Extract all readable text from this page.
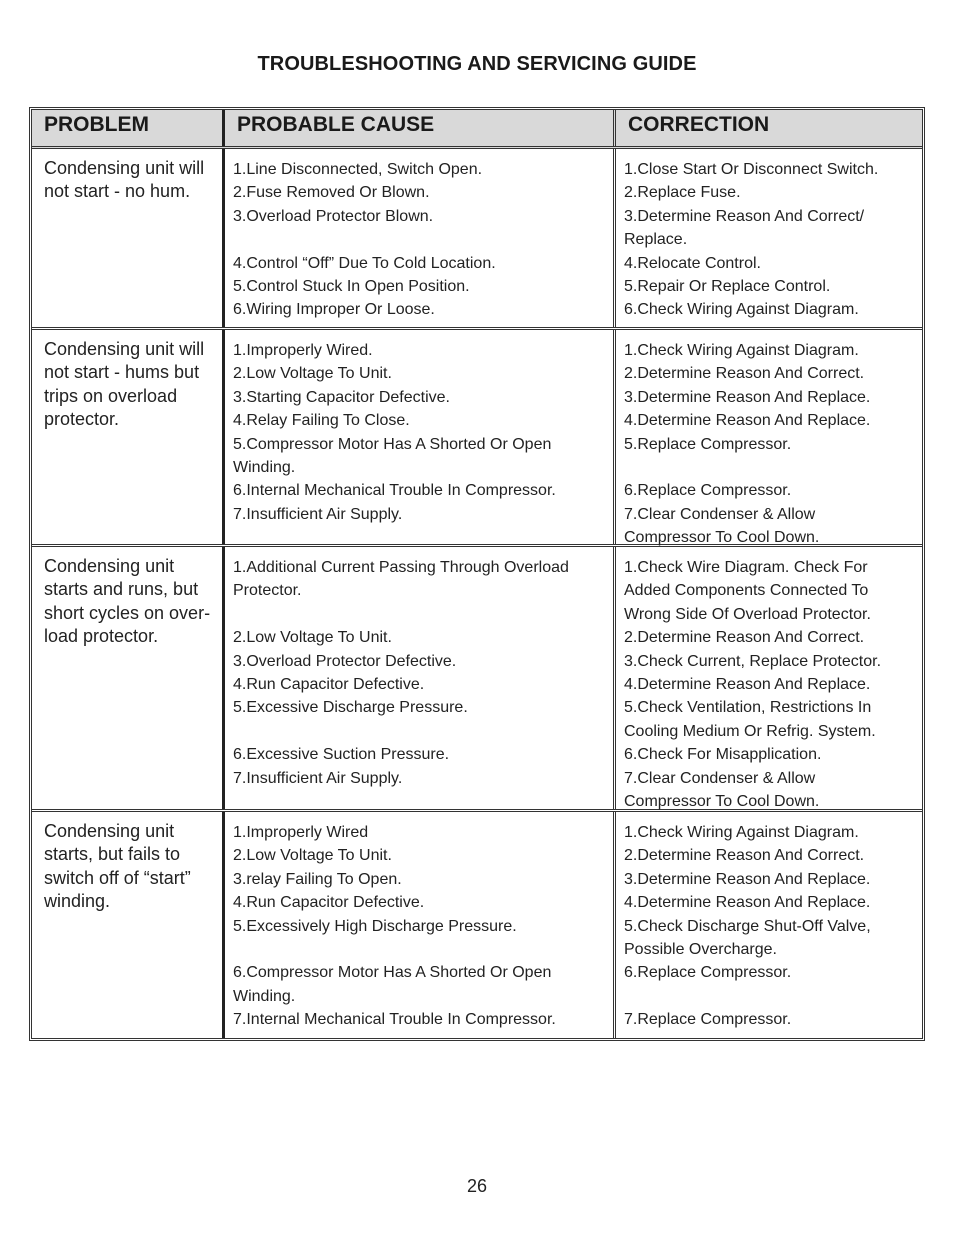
TROUBLESHOOTING AND SERVICING GUIDE
PROBLEM	PROBABLE CAUSE	CORRECTION
Condensing unit will not start - no hum.
1.Line Disconnected, Switch Open.
2.Fuse Removed Or Blown.
3.Overload Protector Blown.
4.Control “Off” Due To Cold Location.
5.Control Stuck In Open Position.
6.Wiring Improper Or Loose.
1.Close Start Or Disconnect Switch.
2.Replace Fuse.
3.Determine Reason And Correct/
Replace.
4.Relocate Control.
5.Repair Or Replace Control.
6.Check Wiring Against Diagram.
Condensing unit will not start - hums but trips on overload protector.
1.Improperly Wired.
2.Low Voltage To Unit.
3.Starting Capacitor Defective.
4.Relay Failing To Close.
5.Compressor Motor Has A Shorted Or Open
Winding.
6.Internal Mechanical Trouble In Compressor.
7.Insufficient Air Supply.
1.Check Wiring Against Diagram.
2.Determine Reason And Correct.
3.Determine Reason And Replace.
4.Determine Reason And Replace.
5.Replace Compressor.
6.Replace Compressor.
7.Clear Condenser & Allow
Compressor To Cool Down.
Condensing unit starts and runs, but short cycles on over-load protector.
1.Additional Current Passing Through Overload
Protector.
2.Low Voltage To Unit.
3.Overload Protector Defective.
4.Run Capacitor Defective.
5.Excessive Discharge Pressure.
6.Excessive Suction Pressure.
7.Insufficient Air Supply.
1.Check Wire Diagram. Check For
Added Components Connected To
Wrong Side Of Overload Protector.
2.Determine Reason And Correct.
3.Check Current, Replace Protector.
4.Determine Reason And Replace.
5.Check Ventilation, Restrictions In
Cooling Medium Or Refrig. System.
6.Check For Misapplication.
7.Clear Condenser & Allow
Compressor To Cool Down.
Condensing unit starts, but fails to switch off of “start” winding.
1.Improperly Wired
2.Low Voltage To Unit.
3.relay Failing To Open.
4.Run Capacitor Defective.
5.Excessively High Discharge Pressure.
6.Compressor Motor Has A Shorted Or Open
Winding.
7.Internal Mechanical Trouble In Compressor.
1.Check Wiring Against Diagram.
2.Determine Reason And Correct.
3.Determine Reason And Replace.
4.Determine Reason And Replace.
5.Check Discharge Shut-Off Valve,
Possible Overcharge.
6.Replace Compressor.
7.Replace Compressor.
26
